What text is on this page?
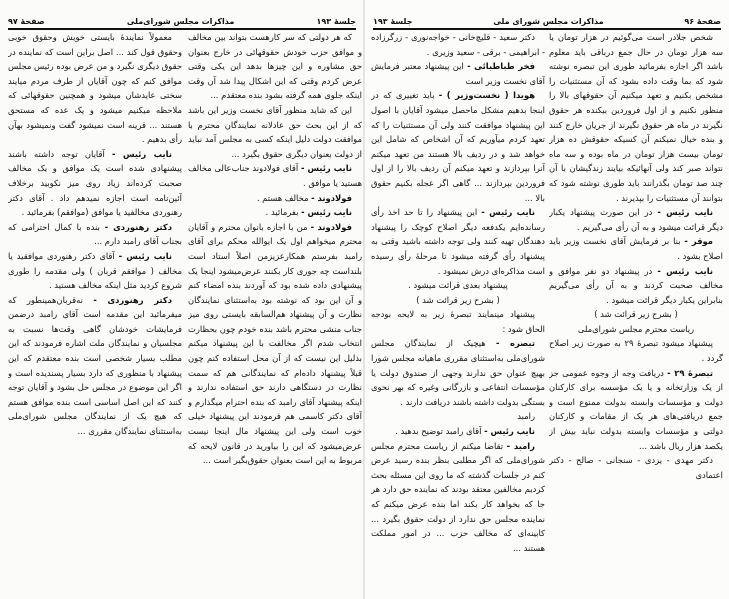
جلسهٔ ۱۹۳
مذاکرات مجلس شورای‌ملی
صفحهٔ ۹۷

که هر دولتی که سر کارهست بتواند بین مخالف و موافق حزب خودش حقوقهائی در خارج بعنوان حق مشاوره و این چیزها بدهد این یکی وقتی عرض کردم وقتی که این اشکال پیدا شد آن وقت اینکه جلوی همه گرفته بشود بنده معتقدم ...

این که شاید منظور آقای نخست وزیر این باشد که از این بحث حق عادلانه نمایندگان محترم با موافقت دولت دلیل اینکه کسی به مجلس آمد نباید از دولت بعنوان دیگری حقوق بگیرد ...

نایب رئیس - آقای فولادوند جناب‌عالی مخالف هستید یا موافق .

فولادوند - مخالف هستم .

نایب رئیس - بفرمائید .

فولادوند - من با اجازه بانوان محترم و آقایان محترم میخواهم اول یک ایوالله محکم برای آقای رامبد بفرستم همکارعزیزمن اصلاً استاد است بلنداست چه جوری کار بکنند عرض‌میشود اینجا یک پیشنهادی داده شده بود که آوردند بنده امضاء کنم و آن این بود که نوشته بود به‌استثنای نمایندگان نظارت و آن پیشنهاد هم‌السابقه بایستی روی میز جناب منشی محترم باشد بنده خودم چون بحظارت انتخاب شدم اگر مخالفت با این پیشنهاد میکنم بدلیل این نیست که از آن محل استفاده کنم چون قبلاً پیشنهاد داده‌ام که نمایندگانی هم که سمت نظارت در دستگاهی دارند حق استفاده ندارند و اینکه پیشنهاد آقای رامبد که بنده احترام میگذارم و آقای دکتر کاسمی هم فرمودند این پیشنهاد خیلی خوب است ولی این پیشنهاد مال اینجا نیست عرض‌میشود که این را بیاورید در قانون لایحه که مربوط به این است بعنوان حقوق‌بگیر است ...

معمولاً نمایندهٔ بایستی خویش وحقوق خوبی وحقوق قول کند ... اصل براین است که نماینده در حقوق دیگری نگیرد و من عرض بوده رئیس مجلس موافق کنم که چون آقایان از طرف مردم میایند سختی عایدشان میشود و همچنین حقوقهائی که ملاحظه میکنیم میشود و یک عده که مستحق هستند ... قرینه است نمیشود گفت ونمیشود بهآن رأی بدهیم .

نایب رئیس - آقایان توجه داشته باشند پیشنهادی شده است یک موافق و یک مخالف صحبت کرده‌اند زیاد روی میز نکوبید برخلاف آئین‌نامه است اجازه نمیدهم داد . آقای دکتر رهنوردی مخالفید یا موافق (موافقم) بفرمائید .

دکتر رهنوردی - بنده با کمال احترامی که بجناب آقای رامبد دارم ...

نایب رئیس - آقای دکتر رهنوردی موافقید یا مخالف ( موافقم قربان ) ولی مقدمه را طوری شروع کردید مثل اینکه مخالف هستید .

دکتر رهنوردی - نه‌قربان‌همینطور که میفرمائید این مقدمه است آقای رامبد درضمن فرمایشات خودشان گاهی وقت‌ها نسبت به مجلسیان و نمایندگان ملت اشاره فرمودند که این مطلب بسیار شخصی است بنده معتقدم که این پیشنهاد با منظوری که دارد بسیار پسندیده است و اگر این موضوع در مجلس حل بشود و آقایان توجه کنند که این اصل اساسی است بنده موافق هستم که هیچ یک از نمایندگان مجلس شورای‌ملی به‌استثنای نمایندگان مقرری ...

صفحهٔ ۹۶
مذاکرات مجلس شورای ملی
جلسهٔ ۱۹۳

شخص جلادر است می‌گوئیم در هزار تومان یا سه هزار تومان در حال جمع درباقی باید معلوم باشد اگر اجازه بفرمائید طوری این تبصره نوشته شود که بما وقت داده بشود که آن مستثنیات را مشخص بکنیم و تعهد میکنیم آن حقوقهای بالا را منظور نکنیم و از اول فروردین بیکنده هر حقوق نگیرند در ماه هر حقوق نگیرند از جریان خارج کنند و بنده خیال نمیکنم آن کسیکه حقوقش ده هزار تومان بیست هزار تومان در ماه بوده و سه ماه نتواند صبر کند ولی آنهائیکه بیایند زندگیشان با آن چند صد تومان بگذرانند باید طوری نوشته شود که بتوانند آن مستثنیات را بپذیرند .

نایب رئیس - در این صورت پیشنهاد یکبار دیگر قرائت میشود و به آن رأی می‌گیریم .

موقر - بنا بر فرمایش آقای نخست وزیر باید اصلاح بشود .

نایب رئیس - در پیشنهاد دو نفر موافق و مخالف صحبت کردند و به آن رأی می‌گیریم بنابراین یکبار دیگر قرائت میشود .

( بشرح زیر قرائت شد )

ریاست محترم مجلس شورای‌ملی

پیشنهاد میشود تبصرهٔ ۲۹ به صورت زیر اصلاح گردد .

تبصرهٔ ۲۹ - دریافت وجه از وجوه عمومی جز از یک وزارتخانه و یا یک مؤسسه برای کارکنان دولت و مؤسسات وابسته بدولت ممنوع است و جمع دریافتی‌های هر یک از مقامات و کارکنان دولتی و مؤسسات وابسته بدولت نباید بیش از یکصد هزار ریال باشد ...

دکتر مهدی - یزدی - سنجانی - صالح - دکتر اعتمادی

دکتر سعید - قلیچ‌خانی - خواجه‌نوری - زرگرزاده - ابراهیمی - برقی - سعید وزیری .

فخر طباطبائی - این پیشنهاد معتبر فرمایش آقای نخست وزیر است

هویدا ( نخست‌وزیر ) - باید تغییری که در اینجا بدهیم مشکل ماحصل میشود آقایان با اصول این پیشنهاد موافقت کنند ولی آن مستثنیات را که تعهد کردم میآوریم که آن اشخاص که شامل این خواهد شد و در ردیف بالا هستند من تعهد میکنم آنرا بپردازند و تعهد میکنم آن ردیف بالا را از اول فروردین بپردازند ... گاهی اگر عجله بکنیم حقوق بالا ...

نایب رئیس - این پیشنهاد را تا حد اخذ رأی رسانده‌ایم یکدفعه دیگر اصلاح کوچک را پیشنهاد دهندگان تهیه کنند ولی توجه داشته باشید وقتی به پیشنهاد رأی گرفته میشود تا مرحلهٔ رأی رسیده است مذاکره‌ای درش نمیشود .

پیشنهاد بعدی قرائت میشود .

( بشرح زیر قرائت شد )

پیشنهاد مینمایند تبصرهٔ زیر به لایحه بودجه الحاق شود :

تبصره - هیچیک از نمایندگان مجلس شورای‌ملی به‌استثنای مقرری ماهیانه مجلس شورا بهیچ عنوان حق ندارند وجهی از صندوق دولت یا مؤسسات انتفاعی و بازرگانی وغیره که بهر نحوی بستگی بدولت داشته باشند دریافت دارند .

رامبد

نایب رئیس - آقای رامبد توضیح بدهید .

رامبد - تقاضا میکنم از ریاست محترم مجلس شورای‌ملی که اگر مطلبی بنظر بنده رسید عرض کنم در جلسات گذشته که ما روی این مسئله بحث کردیم مخالفین معتقد بودند که نماینده حق دارد هر جا که بخواهد کار بکند اما بنده عرض میکنم که نماینده مجلس حق ندارد از دولت حقوق بگیرد ... کابینه‌ای که مخالف حزب ... در امور مملکت هستند ...
